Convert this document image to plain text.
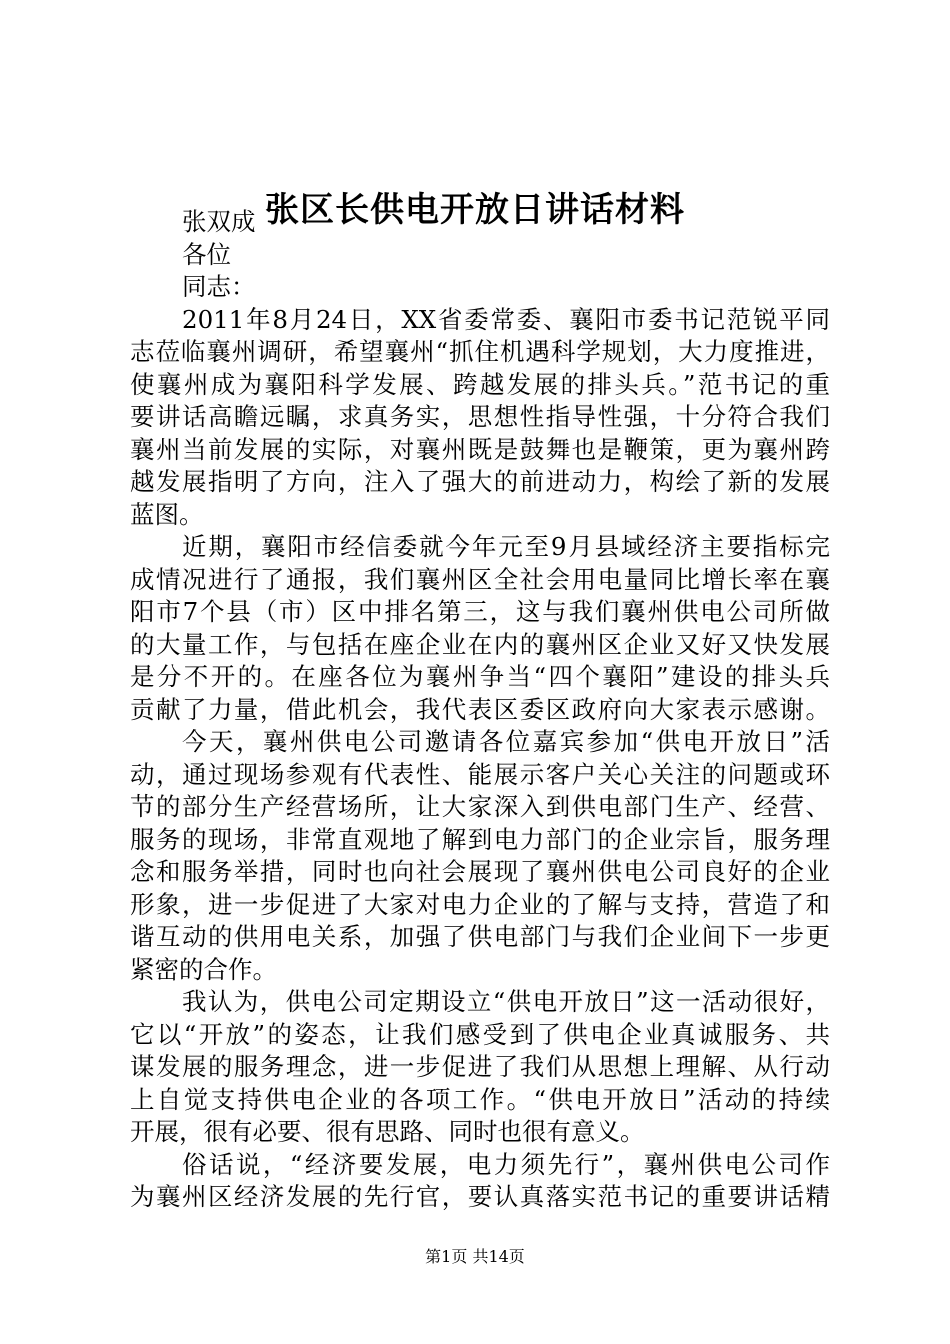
张区长供电开放日讲话材料
张双成
各位
同志：
2011年8月24日，XX省委常委、襄阳市委书记范锐平同
志莅临襄州调研，希望襄州“抓住机遇科学规划，大力度推进，
使襄州成为襄阳科学发展、跨越发展的排头兵。”范书记的重
要讲话高瞻远瞩，求真务实，思想性指导性强，十分符合我们
襄州当前发展的实际，对襄州既是鼓舞也是鞭策，更为襄州跨
越发展指明了方向，注入了强大的前进动力，构绘了新的发展
蓝图。
近期，襄阳市经信委就今年元至9月县域经济主要指标完
成情况进行了通报，我们襄州区全社会用电量同比增长率在襄
阳市7个县（市）区中排名第三，这与我们襄州供电公司所做
的大量工作，与包括在座企业在内的襄州区企业又好又快发展
是分不开的。在座各位为襄州争当“四个襄阳”建设的排头兵
贡献了力量，借此机会，我代表区委区政府向大家表示感谢。
今天，襄州供电公司邀请各位嘉宾参加“供电开放日”活
动，通过现场参观有代表性、能展示客户关心关注的问题或环
节的部分生产经营场所，让大家深入到供电部门生产、经营、
服务的现场，非常直观地了解到电力部门的企业宗旨，服务理
念和服务举措，同时也向社会展现了襄州供电公司良好的企业
形象，进一步促进了大家对电力企业的了解与支持，营造了和
谐互动的供用电关系，加强了供电部门与我们企业间下一步更
紧密的合作。
我认为，供电公司定期设立“供电开放日”这一活动很好，
它以“开放”的姿态，让我们感受到了供电企业真诚服务、共
谋发展的服务理念，进一步促进了我们从思想上理解、从行动
上自觉支持供电企业的各项工作。“供电开放日”活动的持续
开展，很有必要、很有思路、同时也很有意义。
俗话说，“经济要发展，电力须先行”，襄州供电公司作
为襄州区经济发展的先行官，要认真落实范书记的重要讲话精
第1页 共14页
